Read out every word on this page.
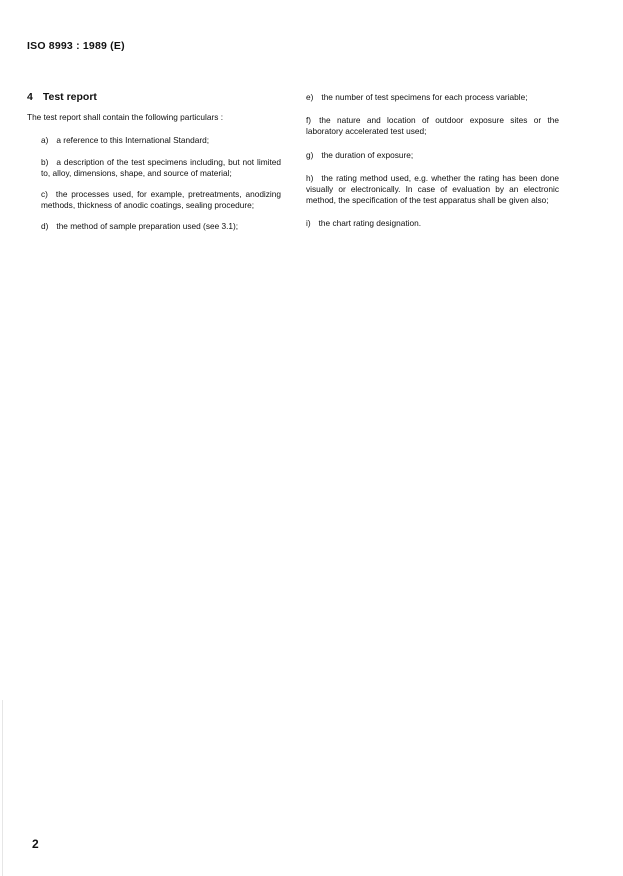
ISO 8993 : 1989 (E)
4 Test report

The test report shall contain the following particulars :

a) a reference to this International Standard;
b) a description of the test specimens including, but not limited to, alloy, dimensions, shape, and source of material;
c) the processes used, for example, pretreatments, anodizing methods, thickness of anodic coatings, sealing procedure;
d) the method of sample preparation used (see 3.1);
e) the number of test specimens for each process variable;
f) the nature and location of outdoor exposure sites or the laboratory accelerated test used;
g) the duration of exposure;
h) the rating method used, e.g. whether the rating has been done visually or electronically. In case of evaluation by an electronic method, the specification of the test apparatus shall be given also;
i) the chart rating designation.
2
